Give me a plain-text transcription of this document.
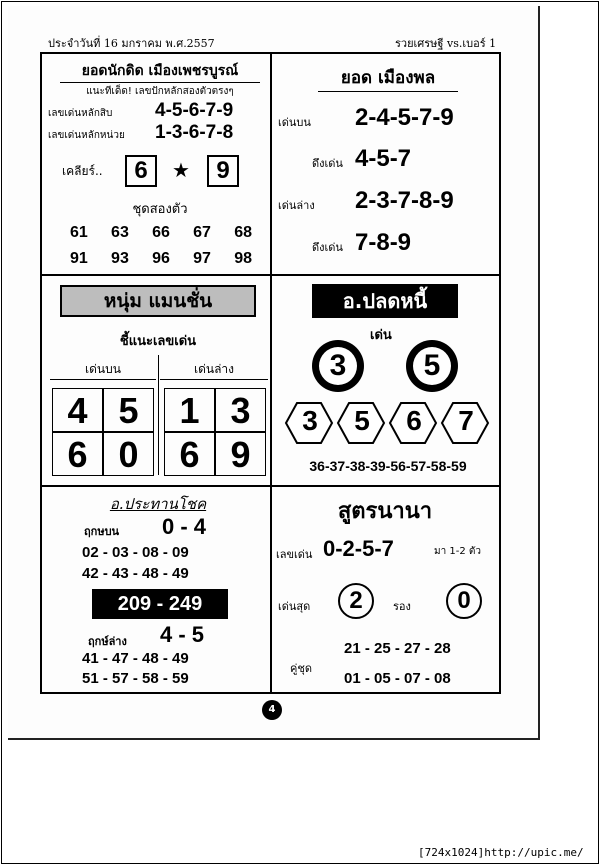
ประจำวันที่ 16 มกราคม พ.ศ.2557	รวยเศรษฐี vs.เบอร์ 1
ยอดนักดิด เมืองเพชรบูรณ์
แนะทีเด็ด! เลขปักหลักสองตัวตรงๆ
เลขเด่นหลักสิบ 4-5-6-7-9
เลขเด่นหลักหน่วย 1-3-6-7-8
เคลียร์..	6	★	9
ชุดสองตัว
61 63 66 67 68
91 93 96 97 98
ยอด เมืองพล
เด่นบน 2-4-5-7-9
ดึงเด่น 4-5-7
เด่นล่าง 2-3-7-8-9
ดึงเด่น 7-8-9
หนุ่ม แมนชั่น
ชี้แนะเลขเด่น
เด่นบน	เด่นล่าง
4 5
6 0
1 3
6 9
อ.ปลดหนี้
เด่น
3	5
3 5 6 7
36-37-38-39-56-57-58-59
อ.ประทานโชค
ฤกษบน 0 - 4
02 - 03 - 08 - 09
42 - 43 - 48 - 49
209 - 249
ฤกษ์ล่าง 4 - 5
41 - 47 - 48 - 49
51 - 57 - 58 - 59
สูตรนานา
เลขเด่น 0-2-5-7	มา 1-2 ตัว
เด่นสุด	2	รอง	0
21 - 25 - 27 - 28
คู่ชุด
01 - 05 - 07 - 08
4
[724x1024]http://upic.me/
